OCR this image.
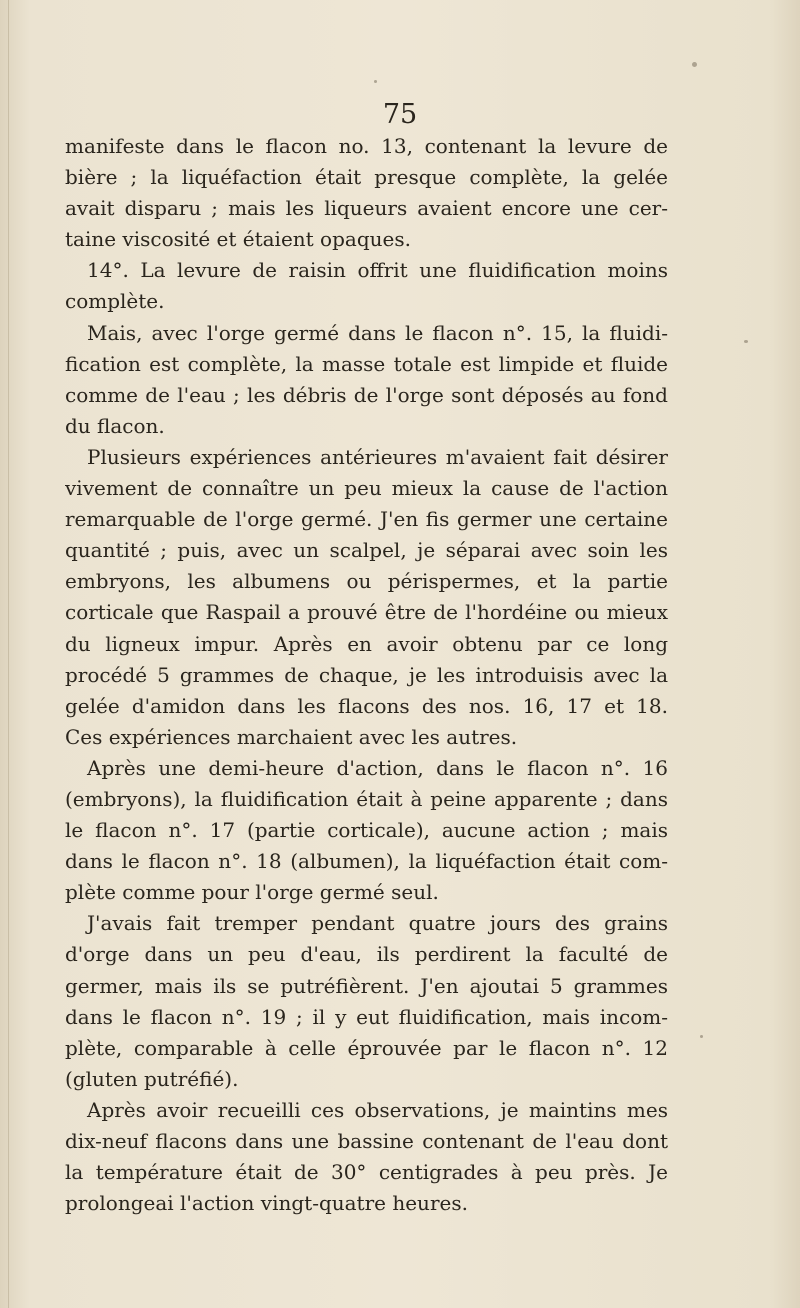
75
manifeste dans le flacon no. 13, contenant la levure de
bière ; la liquéfaction était presque complète, la gelée
avait disparu ; mais les liqueurs avaient encore une cer-
taine viscosité et étaient opaques.
14°. La levure de raisin offrit une fluidification moins
complète.
Mais, avec l'orge germé dans le flacon n°. 15, la fluidi-
fication est complète, la masse totale est limpide et fluide
comme de l'eau ; les débris de l'orge sont déposés au fond
du flacon.
Plusieurs expériences antérieures m'avaient fait désirer
vivement de connaître un peu mieux la cause de l'action
remarquable de l'orge germé. J'en fis germer une certaine
quantité ; puis, avec un scalpel, je séparai avec soin les
embryons, les albumens ou périspermes, et la partie
corticale que Raspail a prouvé être de l'hordéine ou mieux
du ligneux impur. Après en avoir obtenu par ce long
procédé 5 grammes de chaque, je les introduisis avec la
gelée d'amidon dans les flacons des nos. 16, 17 et 18.
Ces expériences marchaient avec les autres.
Après une demi-heure d'action, dans le flacon n°. 16
(embryons), la fluidification était à peine apparente ; dans
le flacon n°. 17 (partie corticale), aucune action ; mais
dans le flacon n°. 18 (albumen), la liquéfaction était com-
plète comme pour l'orge germé seul.
J'avais fait tremper pendant quatre jours des grains
d'orge dans un peu d'eau, ils perdirent la faculté de
germer, mais ils se putréfièrent. J'en ajoutai 5 grammes
dans le flacon n°. 19 ; il y eut fluidification, mais incom-
plète, comparable à celle éprouvée par le flacon n°. 12
(gluten putréfié).
Après avoir recueilli ces observations, je maintins mes
dix-neuf flacons dans une bassine contenant de l'eau dont
la température était de 30° centigrades à peu près. Je
prolongeai l'action vingt-quatre heures.
